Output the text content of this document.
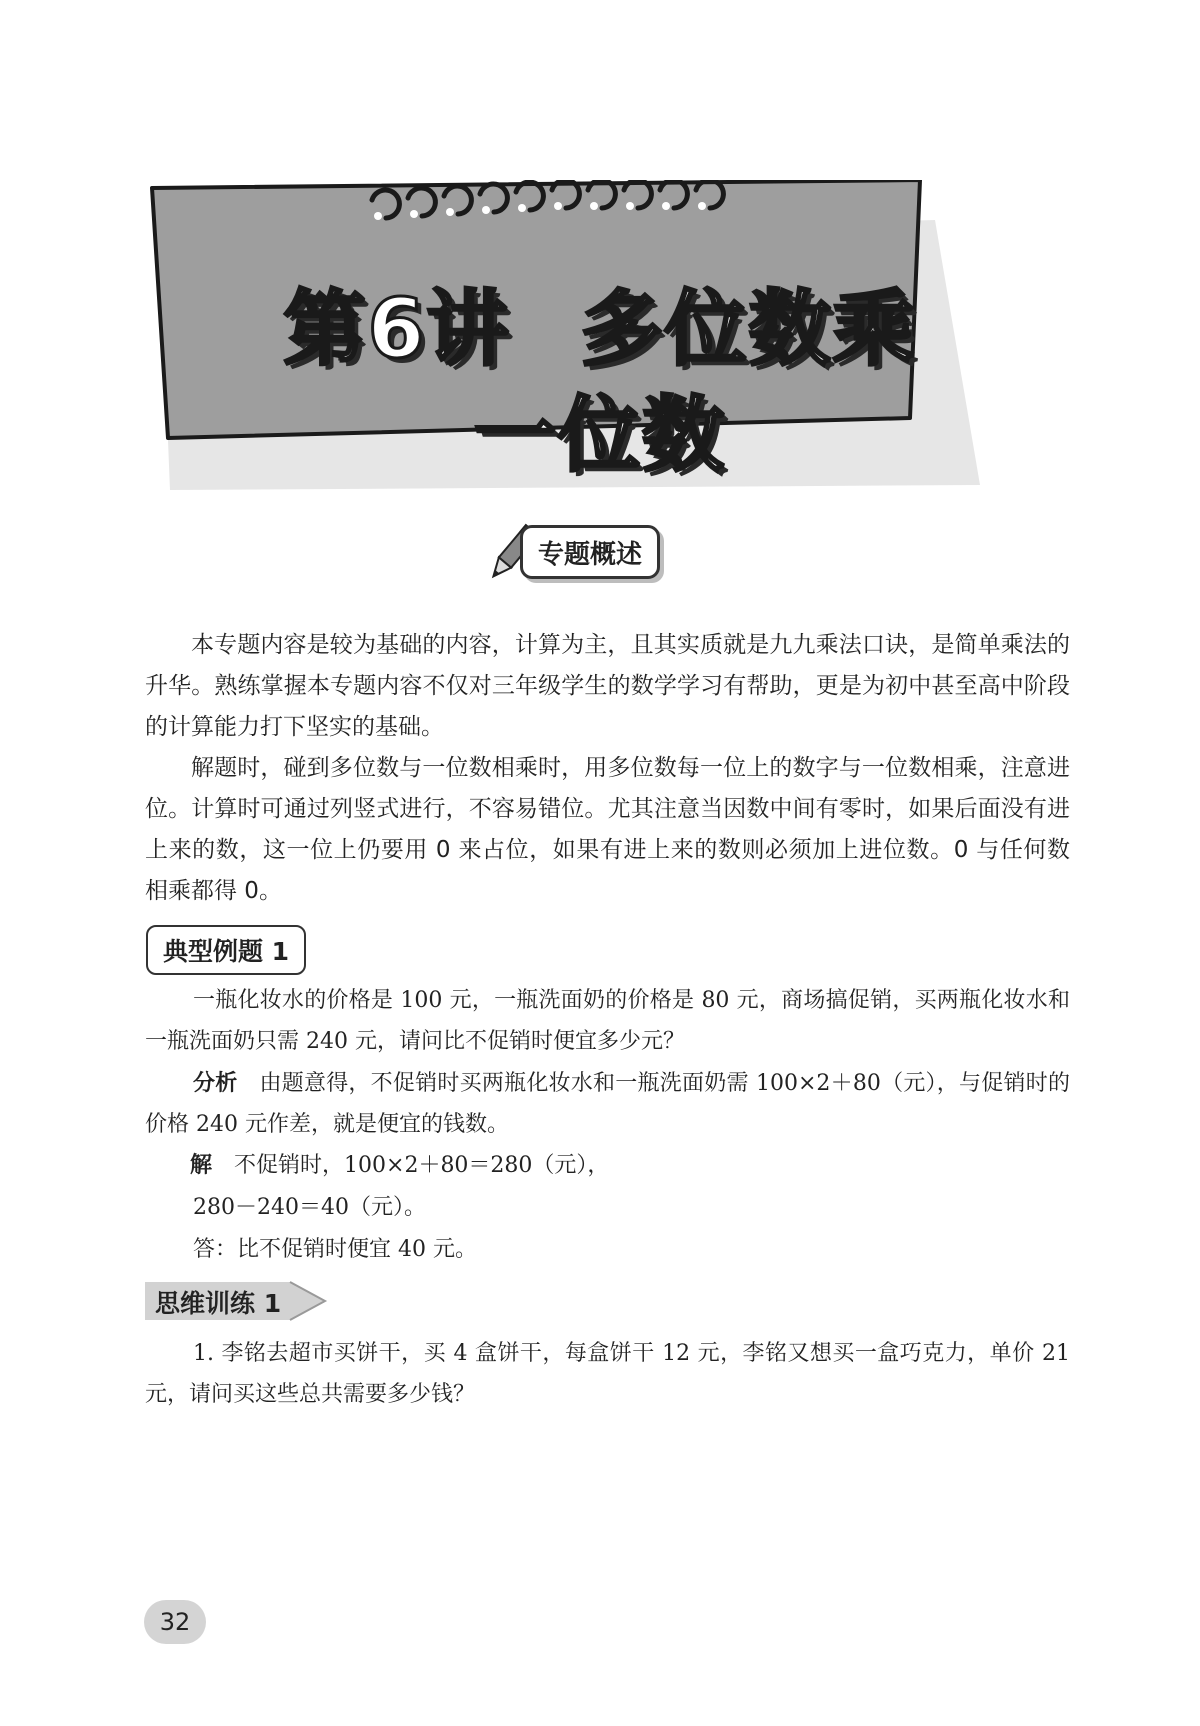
第6讲 多位数乘
一位数
专题概述

本专题内容是较为基础的内容，计算为主，且其实质就是九九乘法口诀，是简单乘法的升华。熟练掌握本专题内容不仅对三年级学生的数学学习有帮助，更是为初中甚至高中阶段的计算能力打下坚实的基础。

解题时，碰到多位数与一位数相乘时，用多位数每一位上的数字与一位数相乘，注意进位。计算时可通过列竖式进行，不容易错位。尤其注意当因数中间有零时，如果后面没有进上来的数，这一位上仍要用 0 来占位，如果有进上来的数则必须加上进位数。0 与任何数相乘都得 0。

典型例题 1

一瓶化妆水的价格是 100 元，一瓶洗面奶的价格是 80 元，商场搞促销，买两瓶化妆水和一瓶洗面奶只需 240 元，请问比不促销时便宜多少元？

分析 由题意得，不促销时买两瓶化妆水和一瓶洗面奶需 100×2＋80（元），与促销时的价格 240 元作差，就是便宜的钱数。

解 不促销时，100×2＋80＝280（元），
280－240＝40（元）。
答：比不促销时便宜 40 元。
思维训练 1

1. 李铭去超市买饼干，买 4 盒饼干，每盒饼干 12 元，李铭又想买一盒巧克力，单价 21 元，请问买这些总共需要多少钱？

32
